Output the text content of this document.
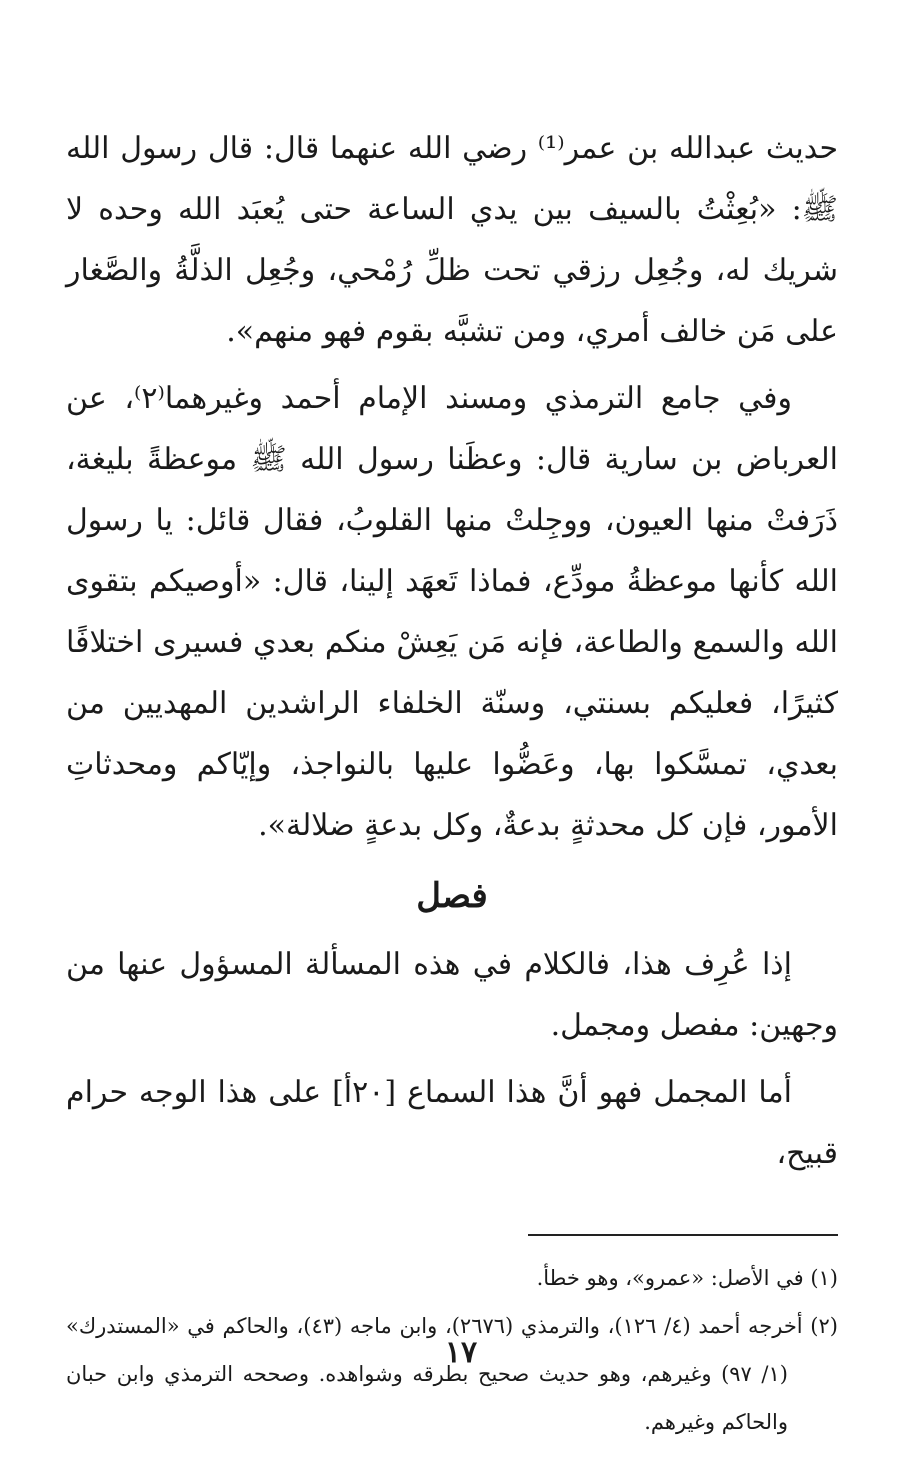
حديث عبدالله بن عمر⁽¹⁾ رضي الله عنهما قال: قال رسول الله ﷺ: «بُعِثْتُ بالسيف بين يدي الساعة حتى يُعبَد الله وحده لا شريك له، وجُعِل رزقي تحت ظلِّ رُمْحي، وجُعِل الذلَّةُ والصَّغار على مَن خالف أمري، ومن تشبَّه بقوم فهو منهم».

وفي جامع الترمذي ومسند الإمام أحمد وغيرهما⁽٢⁾، عن العرباض بن سارية قال: وعظَنا رسول الله ﷺ موعظةً بليغة، ذَرَفتْ منها العيون، ووجِلتْ منها القلوبُ، فقال قائل: يا رسول الله كأنها موعظةُ مودِّع، فماذا تَعهَد إلينا، قال: «أوصيكم بتقوى الله والسمع والطاعة، فإنه مَن يَعِشْ منكم بعدي فسيرى اختلافًا كثيرًا، فعليكم بسنتي، وسنّة الخلفاء الراشدين المهديين من بعدي، تمسَّكوا بها، وعَضُّوا عليها بالنواجذ، وإيّاكم ومحدثاتِ الأمور، فإن كل محدثةٍ بدعةٌ، وكل بدعةٍ ضلالة».

فصل

إذا عُرِف هذا، فالكلام في هذه المسألة المسؤول عنها من وجهين: مفصل ومجمل.

أما المجمل فهو أنَّ هذا السماع [٢٠أ] على هذا الوجه حرام قبيح،

(١) في الأصل: «عمرو»، وهو خطأ.

(٢) أخرجه أحمد (٤/ ١٢٦)، والترمذي (٢٦٧٦)، وابن ماجه (٤٣)، والحاكم في «المستدرك» (١/ ٩٧) وغيرهم، وهو حديث صحيح بطرقه وشواهده. وصححه الترمذي وابن حبان والحاكم وغيرهم.

١٧
